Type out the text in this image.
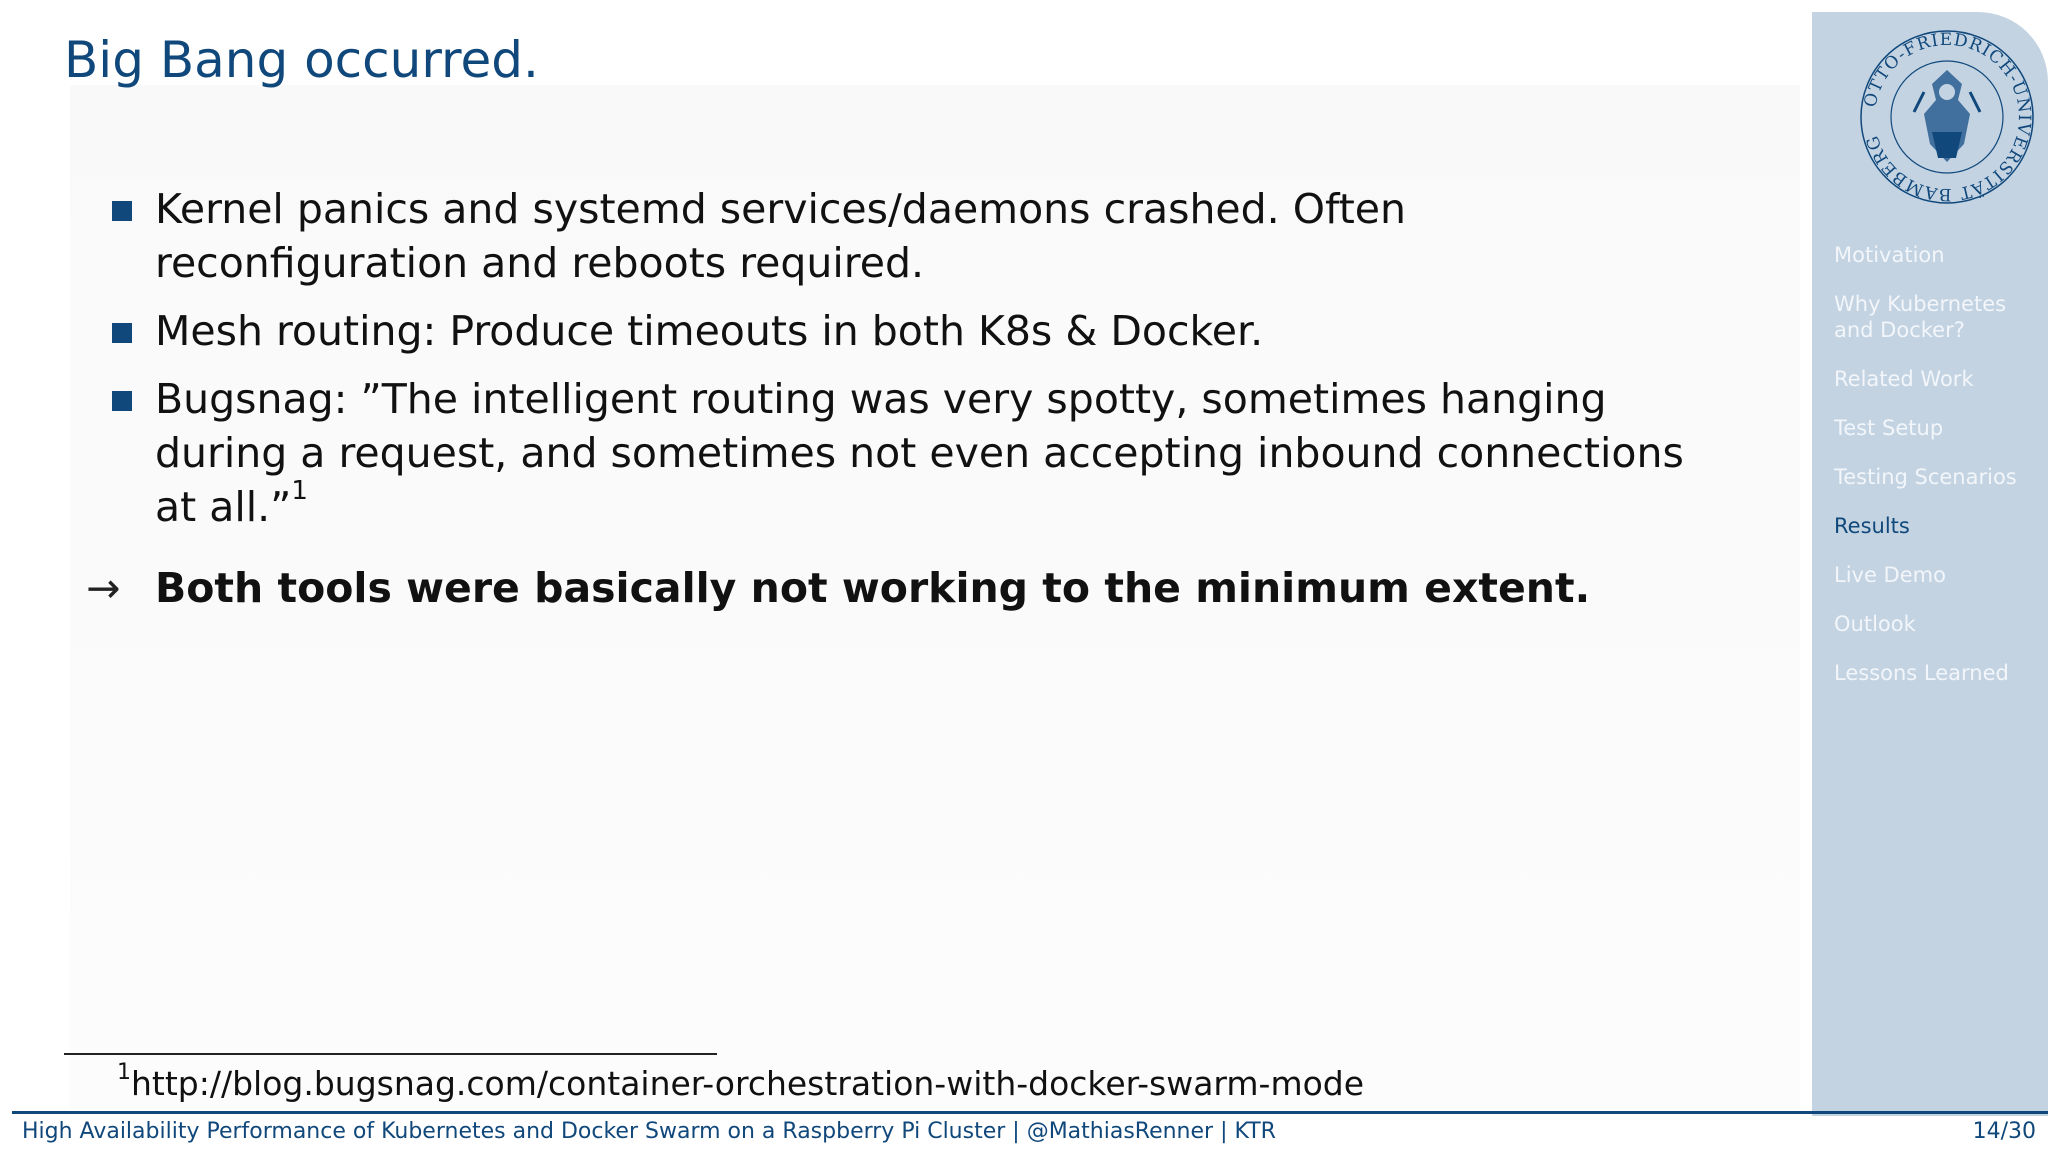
Big Bang occurred.
Kernel panics and systemd services/daemons crashed. Often reconfiguration and reboots required.
Mesh routing: Produce timeouts in both K8s & Docker.
Bugsnag: ”The intelligent routing was very spotty, sometimes hanging during a request, and sometimes not even accepting inbound connections at all.”$^1$
→ Both tools were basically not working to the minimum extent.
$^1$http://blog.bugsnag.com/container-orchestration-with-docker-swarm-mode
OTTO-FRIEDRICH-UNIVERSITÄT BAMBERG
Motivation
Why Kubernetes and Docker?
Related Work
Test Setup
Testing Scenarios
Results
Live Demo
Outlook
Lessons Learned
High Availability Performance of Kubernetes and Docker Swarm on a Raspberry Pi Cluster | @MathiasRenner | KTR	14/30
